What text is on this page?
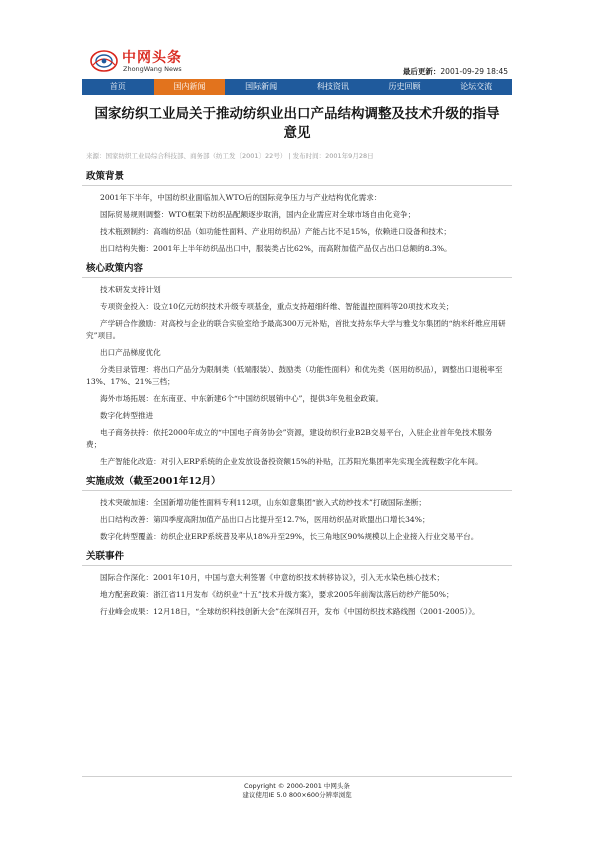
中网头条
ZhongWang News	最后更新：2001-09-29 18:45
首页	国内新闻	国际新闻	科技资讯	历史回顾	论坛交流
国家纺织工业局关于推动纺织业出口产品结构调整及技术升级的指导意见
来源：国家纺织工业局综合科技部、商务部（纺工发〔2001〕22号） | 发布时间：2001年9月28日
政策背景

2001年下半年，中国纺织业面临加入WTO后的国际竞争压力与产业结构优化需求：

国际贸易规则调整：WTO框架下纺织品配额逐步取消，国内企业需应对全球市场自由化竞争；

技术瓶颈制约：高端纺织品（如功能性面料、产业用纺织品）产能占比不足15%，依赖进口设备和技术；

出口结构失衡：2001年上半年纺织品出口中，服装类占比62%，而高附加值产品仅占出口总额的8.3%。

核心政策内容

技术研发支持计划

专项资金投入：设立10亿元纺织技术升级专项基金，重点支持超细纤维、智能温控面料等20项技术攻关；

产学研合作激励：对高校与企业的联合实验室给予最高300万元补贴，首批支持东华大学与雅戈尔集团的“纳米纤维应用研究”项目。

出口产品梯度优化

分类目录管理：将出口产品分为限制类（低端服装）、鼓励类（功能性面料）和优先类（医用纺织品），调整出口退税率至13%、17%、21%三档；

海外市场拓展：在东南亚、中东新建6个“中国纺织展销中心”，提供3年免租金政策。

数字化转型推进

电子商务扶持：依托2000年成立的“中国电子商务协会”资源，建设纺织行业B2B交易平台，入驻企业首年免技术服务费；

生产智能化改造：对引入ERP系统的企业发放设备投资额15%的补贴，江苏阳光集团率先实现全流程数字化车间。

实施成效（截至2001年12月）

技术突破加速：全国新增功能性面料专利112项，山东如意集团“嵌入式纺纱技术”打破国际垄断；

出口结构改善：第四季度高附加值产品出口占比提升至12.7%，医用纺织品对欧盟出口增长34%；

数字化转型覆盖：纺织企业ERP系统普及率从18%升至29%，长三角地区90%规模以上企业接入行业交易平台。

关联事件

国际合作深化：2001年10月，中国与意大利签署《中意纺织技术转移协议》，引入无水染色核心技术；

地方配套政策：浙江省11月发布《纺织业“十五”技术升级方案》，要求2005年前淘汰落后纺纱产能50%；

行业峰会成果：12月18日，“全球纺织科技创新大会”在深圳召开，发布《中国纺织技术路线图（2001-2005）》。

Copyright © 2000-2001 中网头条
建议使用IE 5.0 800×600分辨率浏览
